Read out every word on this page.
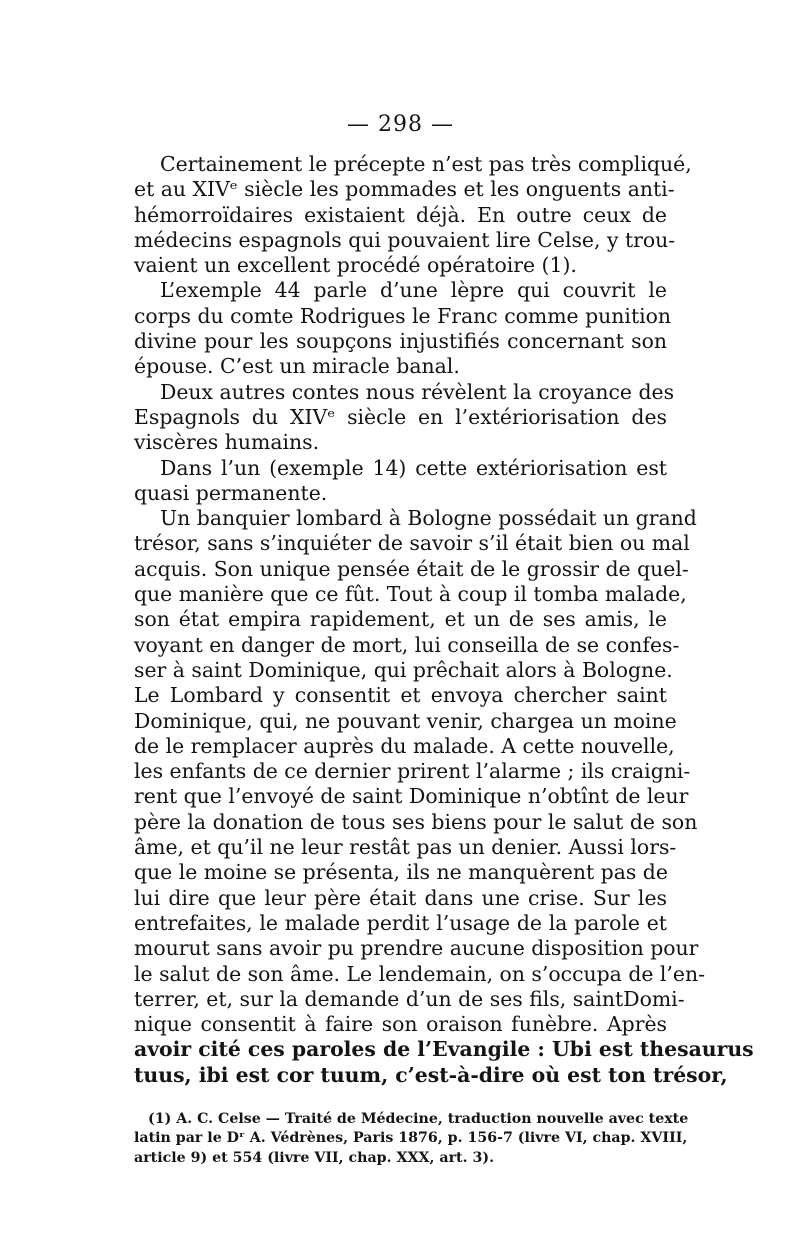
— 298 —
Certainement le précepte n’est pas très compliqué,
et au XIVᵉ siècle les pommades et les onguents anti-
hémorroïdaires existaient déjà. En outre ceux de
médecins espagnols qui pouvaient lire Celse, y trou-
vaient un excellent procédé opératoire (1).
L’exemple 44 parle d’une lèpre qui couvrit le
corps du comte Rodrigues le Franc comme punition
divine pour les soupçons injustifiés concernant son
épouse. C’est un miracle banal.
Deux autres contes nous révèlent la croyance des
Espagnols du XIVᵉ siècle en l’extériorisation des
viscères humains.
Dans l’un (exemple 14) cette extériorisation est
quasi permanente.
Un banquier lombard à Bologne possédait un grand
trésor, sans s’inquiéter de savoir s’il était bien ou mal
acquis. Son unique pensée était de le grossir de quel-
que manière que ce fût. Tout à coup il tomba malade,
son état empira rapidement, et un de ses amis, le
voyant en danger de mort, lui conseilla de se confes-
ser à saint Dominique, qui prêchait alors à Bologne.
Le Lombard y consentit et envoya chercher saint
Dominique, qui, ne pouvant venir, chargea un moine
de le remplacer auprès du malade. A cette nouvelle,
les enfants de ce dernier prirent l’alarme ; ils craigni-
rent que l’envoyé de saint Dominique n’obtînt de leur
père la donation de tous ses biens pour le salut de son
âme, et qu’il ne leur restât pas un denier. Aussi lors-
que le moine se présenta, ils ne manquèrent pas de
lui dire que leur père était dans une crise. Sur les
entrefaites, le malade perdit l’usage de la parole et
mourut sans avoir pu prendre aucune disposition pour
le salut de son âme. Le lendemain, on s’occupa de l’en-
terrer, et, sur la demande d’un de ses fils, saintDomi-
nique consentit à faire son oraison funèbre. Après
avoir cité ces paroles de l’Evangile : Ubi est thesaurus
tuus, ibi est cor tuum, c’est-à-dire où est ton trésor,
(1) A. C. Celse — Traité de Médecine, traduction nouvelle avec texte
latin par le Dʳ A. Védrènes, Paris 1876, p. 156-7 (livre VI, chap. XVIII,
article 9) et 554 (livre VII, chap. XXX, art. 3).
